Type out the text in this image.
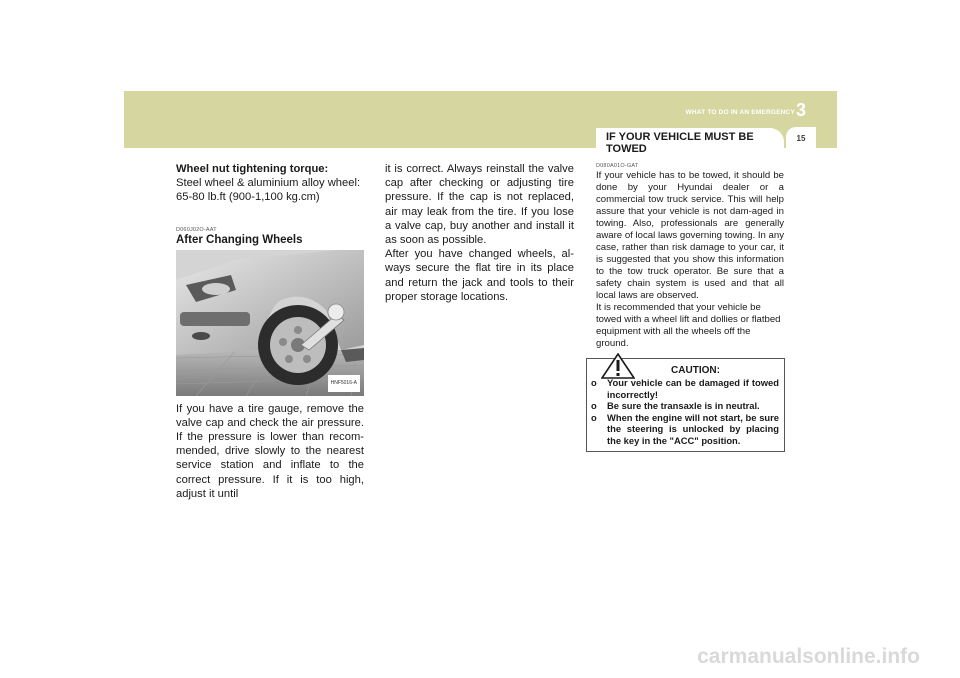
WHAT TO DO IN AN EMERGENCY 3
15
IF YOUR VEHICLE MUST BE TOWED

Wheel nut tightening torque:

Steel wheel & aluminium alloy wheel: 65-80 lb.ft (900-1,100 kg.cm)

D060J02O-AAT
After Changing Wheels
HNF5016-A

If you have a tire gauge, remove the valve cap and check the air pressure. If the pressure is lower than recom-mended, drive slowly to the nearest service station and inflate to the correct pressure. If it is too high, adjust it until

it is correct. Always reinstall the valve cap after checking or adjusting tire pressure. If the cap is not replaced, air may leak from the tire. If you lose a valve cap, buy another and install it as soon as possible.

After you have changed wheels, al-ways secure the flat tire in its place and return the jack and tools to their proper storage locations.

D080A01O-GAT

If your vehicle has to be towed, it should be done by your Hyundai dealer or a commercial tow truck service. This will help assure that your vehicle is not dam-aged in towing. Also, professionals are generally aware of local laws governing towing. In any case, rather than risk damage to your car, it is suggested that you show this information to the tow truck operator. Be sure that a safety chain system is used and that all local laws are observed.

It is recommended that your vehicle be towed with a wheel lift and dollies or flatbed equipment with all the wheels off the ground.

CAUTION:
o Your vehicle can be damaged if towed incorrectly!
o Be sure the transaxle is in neutral.
o When the engine will not start, be sure the steering is unlocked by placing the key in the "ACC" position.
carmanualsonline.info
